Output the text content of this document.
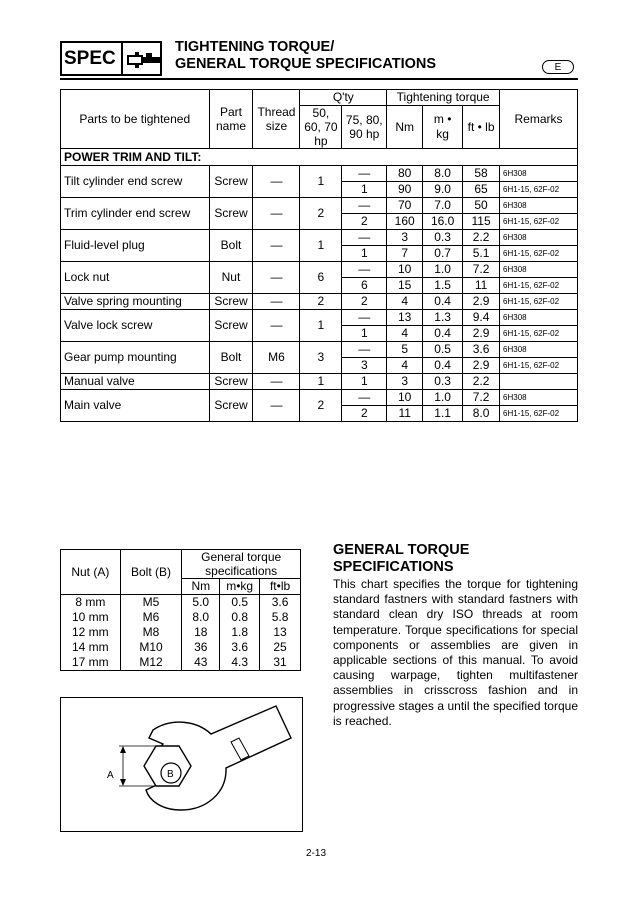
SPEC
TIGHTENING TORQUE/
GENERAL TORQUE SPECIFICATIONS	E
Parts to be tightened	Part name	Thread size	Q'ty		Tightening torque			Remarks
			50, 60, 70 hp	75, 80, 90 hp	Nm	m • kg	ft • lb	

POWER TRIM AND TILT:								
Tilt cylinder end screw	Screw	—	1	—	80	8.0	58	6H308
				1	90	9.0	65	6H1-15, 62F-02
Trim cylinder end screw	Screw	—	2	—	70	7.0	50	6H308
				2	160	16.0	115	6H1-15, 62F-02
Fluid-level plug	Bolt	—	1	—	3	0.3	2.2	6H308
				1	7	0.7	5.1	6H1-15, 62F-02
Lock nut	Nut	—	6	—	10	1.0	7.2	6H308
				6	15	1.5	11	6H1-15, 62F-02
Valve spring mounting	Screw	—	2	2	4	0.4	2.9	6H1-15, 62F-02
Valve lock screw	Screw	—	1	—	13	1.3	9.4	6H308
				1	4	0.4	2.9	6H1-15, 62F-02
Gear pump mounting	Bolt	M6	3	—	5	0.5	3.6	6H308
				3	4	0.4	2.9	6H1-15, 62F-02
Manual valve	Screw	—	1	1	3	0.3	2.2	
Main valve	Screw	—	2	—	10	1.0	7.2	6H308
				2	11	1.1	8.0	6H1-15, 62F-02
Nut (A)	Bolt (B)	General torque specifications		
		Nm	m•kg	ft•lb
8 mm	M5	5.0	0.5	3.6
10 mm	M6	8.0	0.8	5.8
12 mm	M8	18	1.8	13
14 mm	M10	36	3.6	25
17 mm	M12	43	4.3	31
A	B
GENERAL TORQUE
SPECIFICATIONS
This chart specifies the torque for tightening standard fastners with standard fastners with standard clean dry ISO threads at room temperature. Torque specifications for special components or assemblies are given in applicable sections of this manual. To avoid causing warpage, tighten multifastener assemblies in crisscross fashion and in progressive stages a until the specified torque is reached.
2-13
